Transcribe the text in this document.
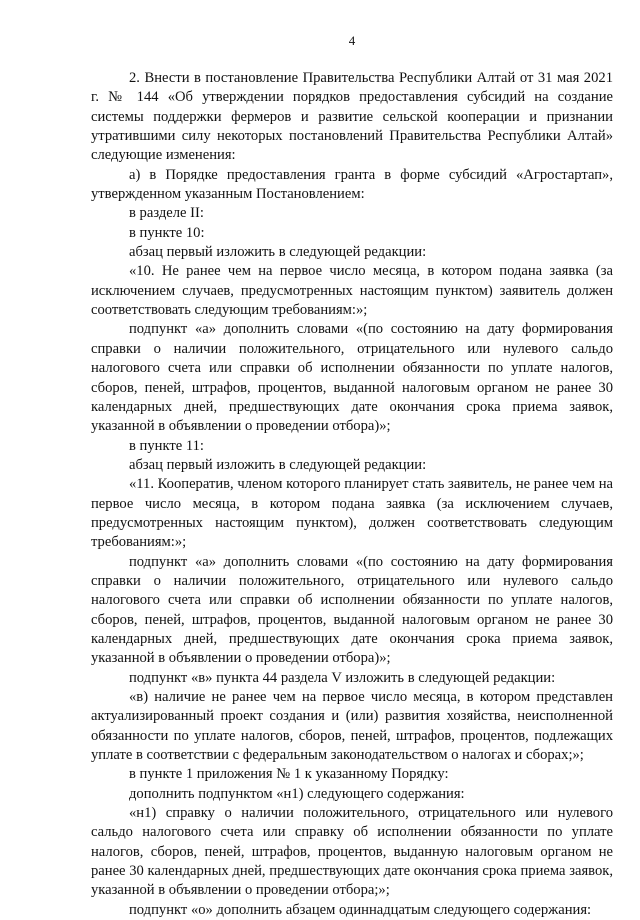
4

2. Внести в постановление Правительства Республики Алтай от 31 мая 2021 г. № 144 «Об утверждении порядков предоставления субсидий на создание системы поддержки фермеров и развитие сельской кооперации и признании утратившими силу некоторых постановлений Правительства Республики Алтай» следующие изменения:

а) в Порядке предоставления гранта в форме субсидий «Агростартап», утвержденном указанным Постановлением:

в разделе II:

в пункте 10:

абзац первый изложить в следующей редакции:

«10. Не ранее чем на первое число месяца, в котором подана заявка (за исключением случаев, предусмотренных настоящим пунктом) заявитель должен соответствовать следующим требованиям:»;

подпункт «а» дополнить словами «(по состоянию на дату формирования справки о наличии положительного, отрицательного или нулевого сальдо налогового счета или справки об исполнении обязанности по уплате налогов, сборов, пеней, штрафов, процентов, выданной налоговым органом не ранее 30 календарных дней, предшествующих дате окончания срока приема заявок, указанной в объявлении о проведении отбора)»;

в пункте 11:

абзац первый изложить в следующей редакции:

«11. Кооператив, членом которого планирует стать заявитель, не ранее чем на первое число месяца, в котором подана заявка (за исключением случаев, предусмотренных настоящим пунктом), должен соответствовать следующим требованиям:»;

подпункт «а» дополнить словами «(по состоянию на дату формирования справки о наличии положительного, отрицательного или нулевого сальдо налогового счета или справки об исполнении обязанности по уплате налогов, сборов, пеней, штрафов, процентов, выданной налоговым органом не ранее 30 календарных дней, предшествующих дате окончания срока приема заявок, указанной в объявлении о проведении отбора)»;

подпункт «в» пункта 44 раздела V изложить в следующей редакции:

«в) наличие не ранее чем на первое число месяца, в котором представлен актуализированный проект создания и (или) развития хозяйства, неисполненной обязанности по уплате налогов, сборов, пеней, штрафов, процентов, подлежащих уплате в соответствии с федеральным законодательством о налогах и сборах;»;

в пункте 1 приложения № 1 к указанному Порядку:

дополнить подпунктом «н1) следующего содержания:

«н1) справку о наличии положительного, отрицательного или нулевого сальдо налогового счета или справку об исполнении обязанности по уплате налогов, сборов, пеней, штрафов, процентов, выданную налоговым органом не ранее 30 календарных дней, предшествующих дате окончания срока приема заявок, указанной в объявлении о проведении отбора;»;

подпункт «о» дополнить абзацем одиннадцатым следующего содержания:
